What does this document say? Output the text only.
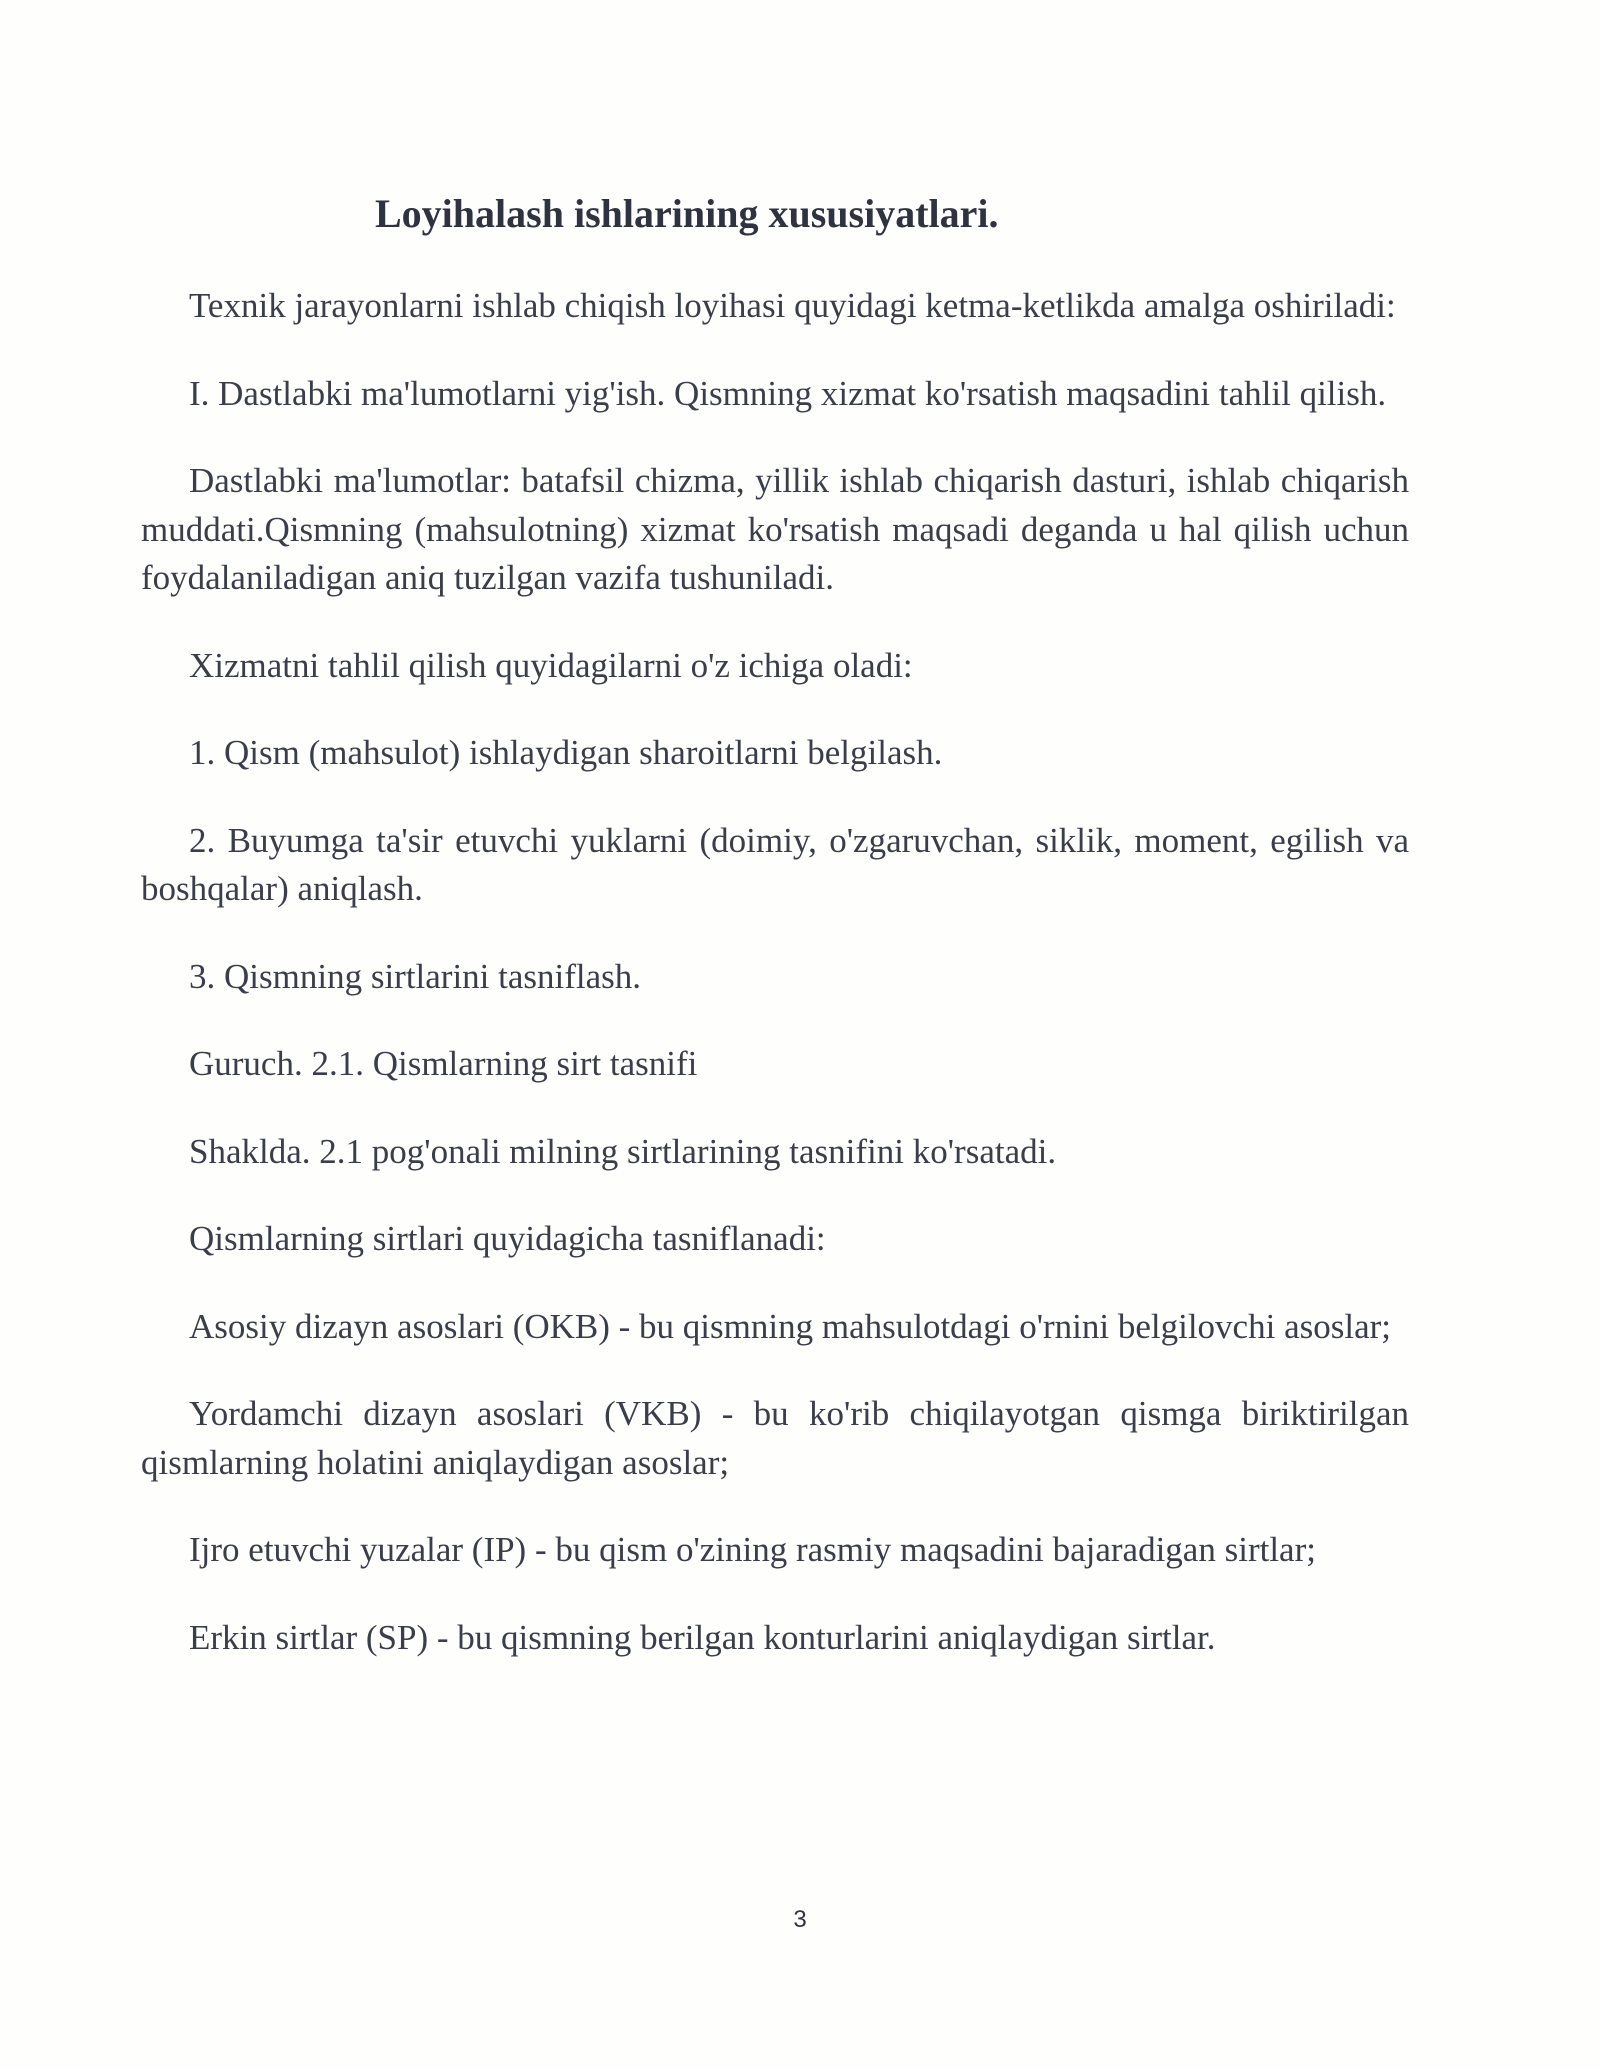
Loyihalash ishlarining xususiyatlari.

Texnik jarayonlarni ishlab chiqish loyihasi quyidagi ketma-ketlikda amalga oshiriladi:

I. Dastlabki ma'lumotlarni yig'ish. Qismning xizmat ko'rsatish maqsadini tahlil qilish.

Dastlabki ma'lumotlar: batafsil chizma, yillik ishlab chiqarish dasturi, ishlab chiqarish muddati.Qismning (mahsulotning) xizmat ko'rsatish maqsadi deganda u hal qilish uchun foydalaniladigan aniq tuzilgan vazifa tushuniladi.

Xizmatni tahlil qilish quyidagilarni o'z ichiga oladi:

1. Qism (mahsulot) ishlaydigan sharoitlarni belgilash.

2. Buyumga ta'sir etuvchi yuklarni (doimiy, o'zgaruvchan, siklik, moment, egilish va boshqalar) aniqlash.

3. Qismning sirtlarini tasniflash.

Guruch. 2.1. Qismlarning sirt tasnifi

Shaklda. 2.1 pog'onali milning sirtlarining tasnifini ko'rsatadi.

Qismlarning sirtlari quyidagicha tasniflanadi:

Asosiy dizayn asoslari (OKB) - bu qismning mahsulotdagi o'rnini belgilovchi asoslar;

Yordamchi dizayn asoslari (VKB) - bu ko'rib chiqilayotgan qismga biriktirilgan qismlarning holatini aniqlaydigan asoslar;

Ijro etuvchi yuzalar (IP) - bu qism o'zining rasmiy maqsadini bajaradigan sirtlar;

Erkin sirtlar (SP) - bu qismning berilgan konturlarini aniqlaydigan sirtlar.

3
